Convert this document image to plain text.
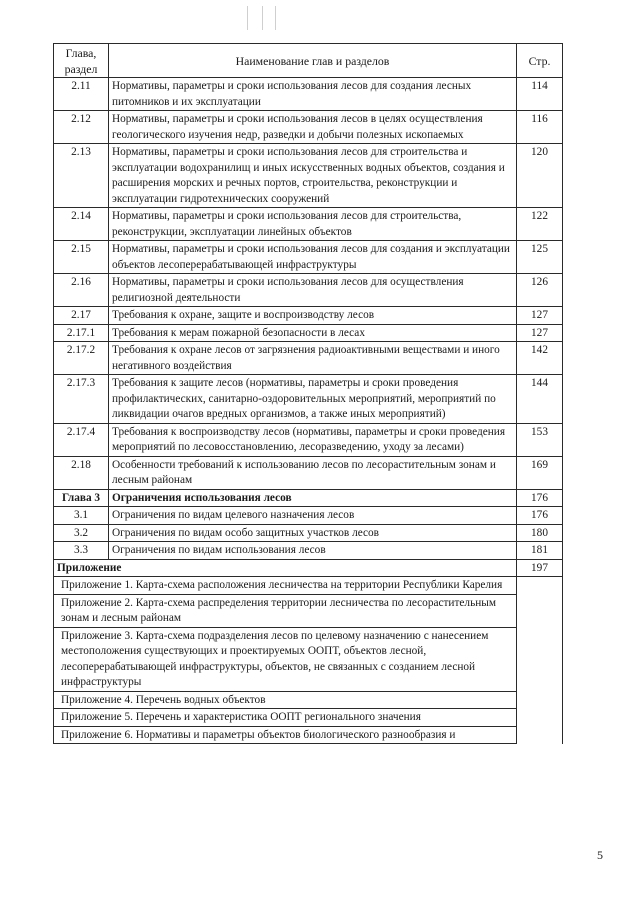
Глава,
раздел	Наименование глав и разделов	Стр.
2.11	Нормативы, параметры и сроки использования лесов для создания лесных питомников и их эксплуатации	114
2.12	Нормативы, параметры и сроки использования лесов в целях осуществления геологического изучения недр, разведки и добычи полезных ископаемых	116
2.13	Нормативы, параметры и сроки использования лесов для строительства и эксплуатации водохранилищ и иных искусственных водных объектов, создания и расширения морских и речных портов, строительства, реконструкции и эксплуатации гидротехнических сооружений	120
2.14	Нормативы, параметры и сроки использования лесов для строительства, реконструкции, эксплуатации линейных объектов	122
2.15	Нормативы, параметры и сроки использования лесов для создания и эксплуатации объектов лесоперерабатывающей инфраструктуры	125
2.16	Нормативы, параметры и сроки использования лесов для осуществления религиозной деятельности	126
2.17	Требования к охране, защите и воспроизводству лесов	127
2.17.1	Требования к мерам пожарной безопасности в лесах	127
2.17.2	Требования к охране лесов от загрязнения радиоактивными веществами и иного негативного воздействия	142
2.17.3	Требования к защите лесов (нормативы, параметры и сроки проведения профилактических, санитарно-оздоровительных мероприятий, мероприятий по ликвидации очагов вредных организмов, а также иных мероприятий)	144
2.17.4	Требования к воспроизводству лесов (нормативы, параметры и сроки проведения мероприятий по лесовосстановлению, лесоразведению, уходу за лесами)	153
2.18	Особенности требований к использованию лесов по лесорастительным зонам и лесным районам	169
Глава 3	Ограничения использования лесов	176
3.1	Ограничения по видам целевого назначения лесов	176
3.2	Ограничения по видам особо защитных участков лесов	180
3.3	Ограничения по видам использования лесов	181
Приложение		197
Приложение 1. Карта-схема расположения лесничества на территории Республики Карелия		
Приложение 2. Карта-схема распределения территории лесничества по лесорастительным зонам и лесным районам		
Приложение 3. Карта-схема подразделения лесов по целевому назначению с нанесением местоположения существующих и проектируемых ООПТ, объектов лесной, лесоперерабатывающей инфраструктуры, объектов, не связанных с созданием лесной инфраструктуры		
Приложение 4. Перечень водных объектов		
Приложение 5. Перечень и характеристика ООПТ регионального значения		
Приложение 6. Нормативы и параметры объектов биологического разнообразия и		
5
